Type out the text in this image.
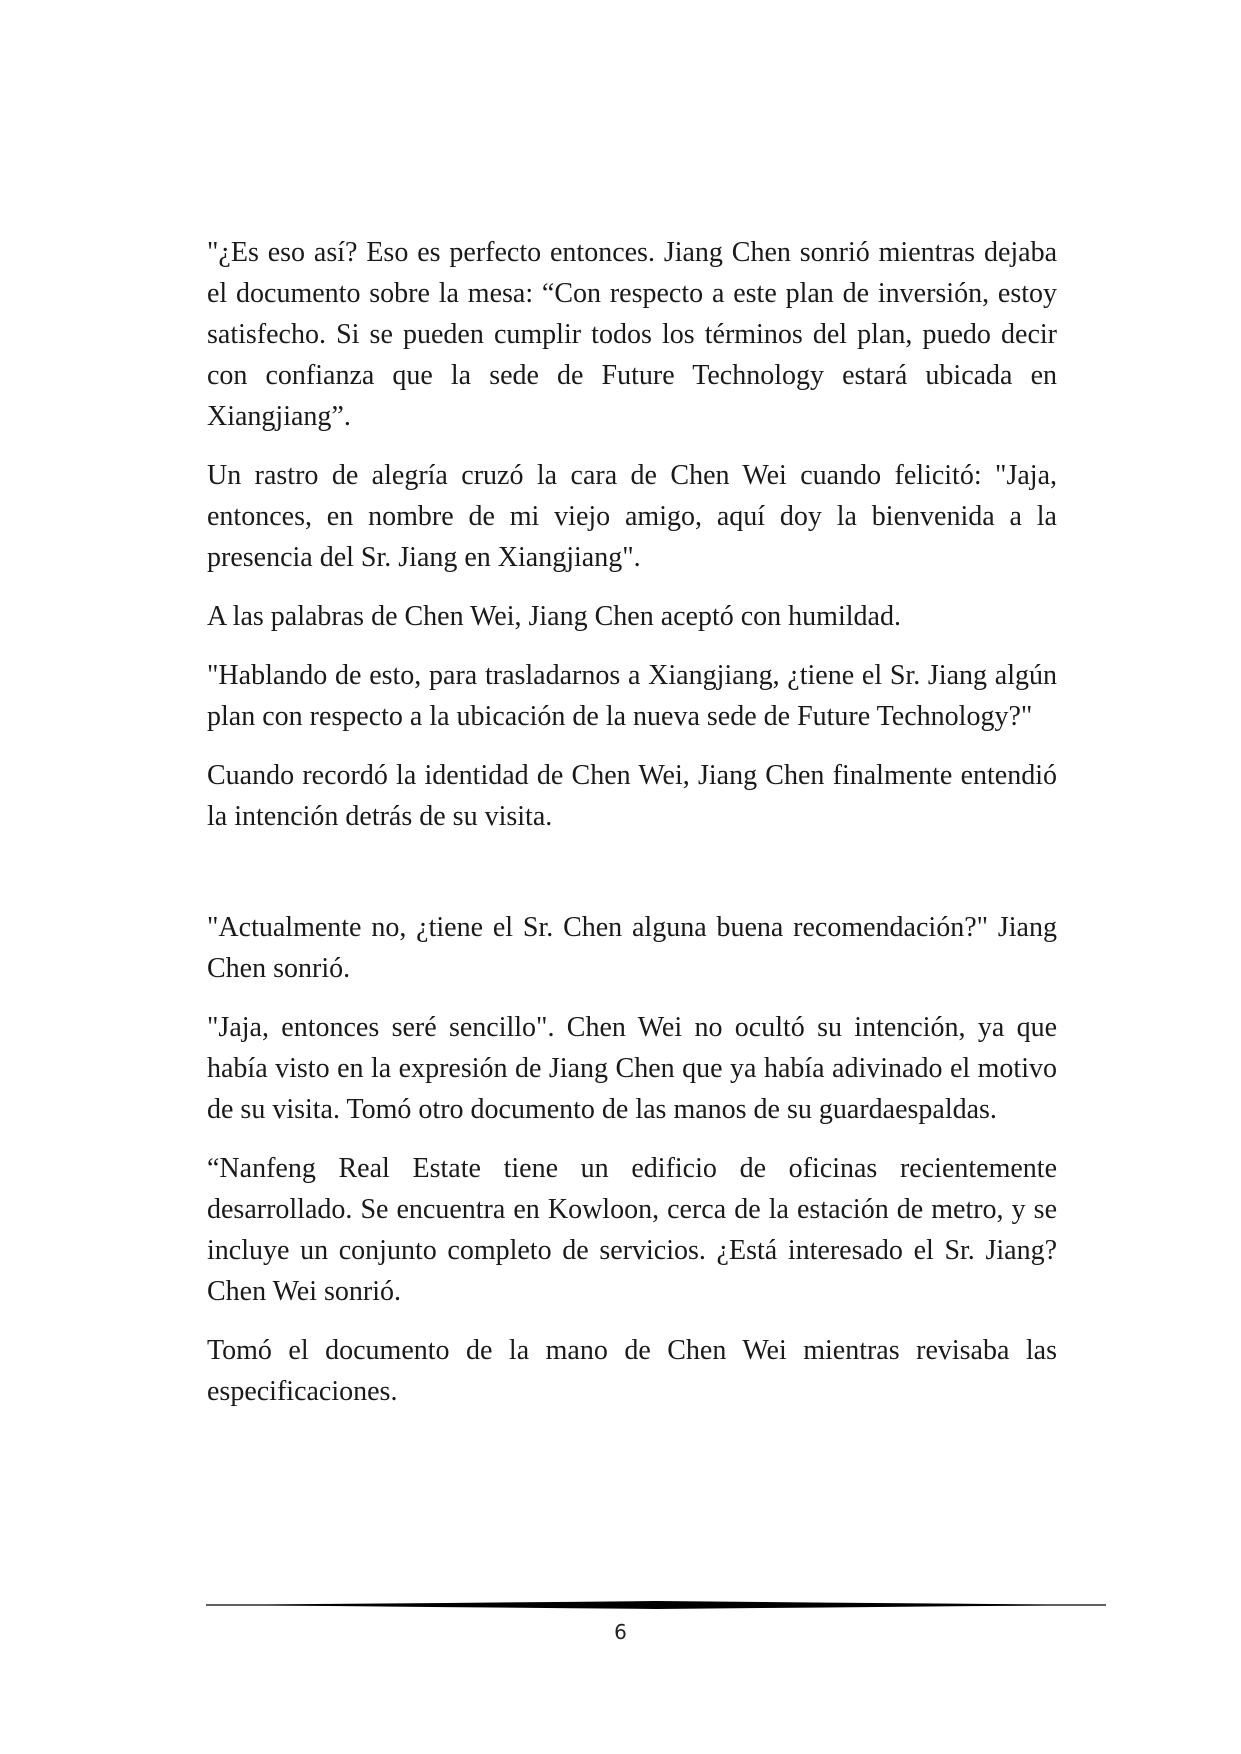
"¿Es eso así? Eso es perfecto entonces. Jiang Chen sonrió mientras dejaba el documento sobre la mesa: “Con respecto a este plan de inversión, estoy satisfecho. Si se pueden cumplir todos los términos del plan, puedo decir con confianza que la sede de Future Technology estará ubicada en Xiangjiang”.

Un rastro de alegría cruzó la cara de Chen Wei cuando felicitó: "Jaja, entonces, en nombre de mi viejo amigo, aquí doy la bienvenida a la presencia del Sr. Jiang en Xiangjiang".

A las palabras de Chen Wei, Jiang Chen aceptó con humildad.

"Hablando de esto, para trasladarnos a Xiangjiang, ¿tiene el Sr. Jiang algún plan con respecto a la ubicación de la nueva sede de Future Technology?"

Cuando recordó la identidad de Chen Wei, Jiang Chen finalmente entendió la intención detrás de su visita.

"Actualmente no, ¿tiene el Sr. Chen alguna buena recomendación?" Jiang Chen sonrió.

"Jaja, entonces seré sencillo". Chen Wei no ocultó su intención, ya que había visto en la expresión de Jiang Chen que ya había adivinado el motivo de su visita. Tomó otro documento de las manos de su guardaespaldas.

“Nanfeng Real Estate tiene un edificio de oficinas recientemente desarrollado. Se encuentra en Kowloon, cerca de la estación de metro, y se incluye un conjunto completo de servicios. ¿Está interesado el Sr. Jiang? Chen Wei sonrió.

Tomó el documento de la mano de Chen Wei mientras revisaba las especificaciones.

6
